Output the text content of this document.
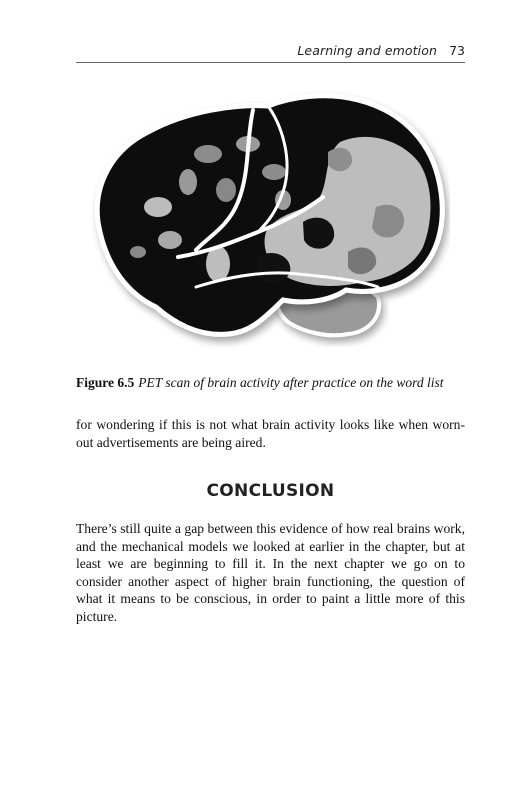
Learning and emotion 73
Figure 6.5 PET scan of brain activity after practice on the word list

for wondering if this is not what brain activity looks like when worn-out advertisements are being aired.

CONCLUSION

There’s still quite a gap between this evidence of how real brains work, and the mechanical models we looked at earlier in the chapter, but at least we are beginning to fill it. In the next chapter we go on to consider another aspect of higher brain functioning, the question of what it means to be conscious, in order to paint a little more of this picture.
